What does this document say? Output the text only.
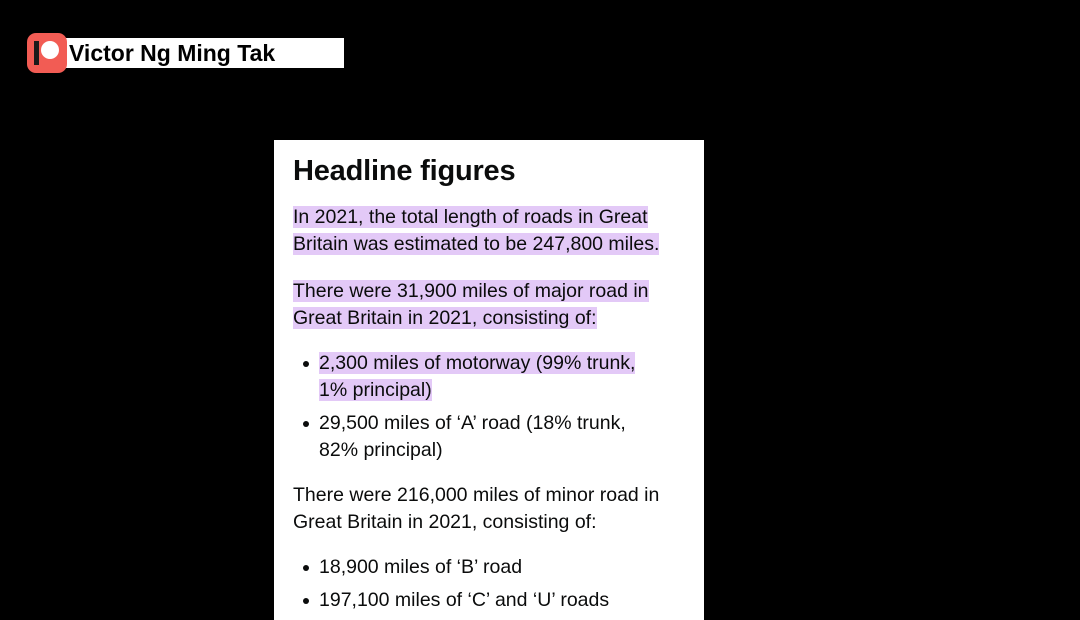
Victor Ng Ming Tak
Headline figures

In 2021, the total length of roads in Great
Britain was estimated to be 247,800 miles.

There were 31,900 miles of major road in
Great Britain in 2021, consisting of:

2,300 miles of motorway (99% trunk,
1% principal)
29,500 miles of ‘A’ road (18% trunk,
82% principal)

There were 216,000 miles of minor road in
Great Britain in 2021, consisting of:

18,900 miles of ‘B’ road
197,100 miles of ‘C’ and ‘U’ roads
